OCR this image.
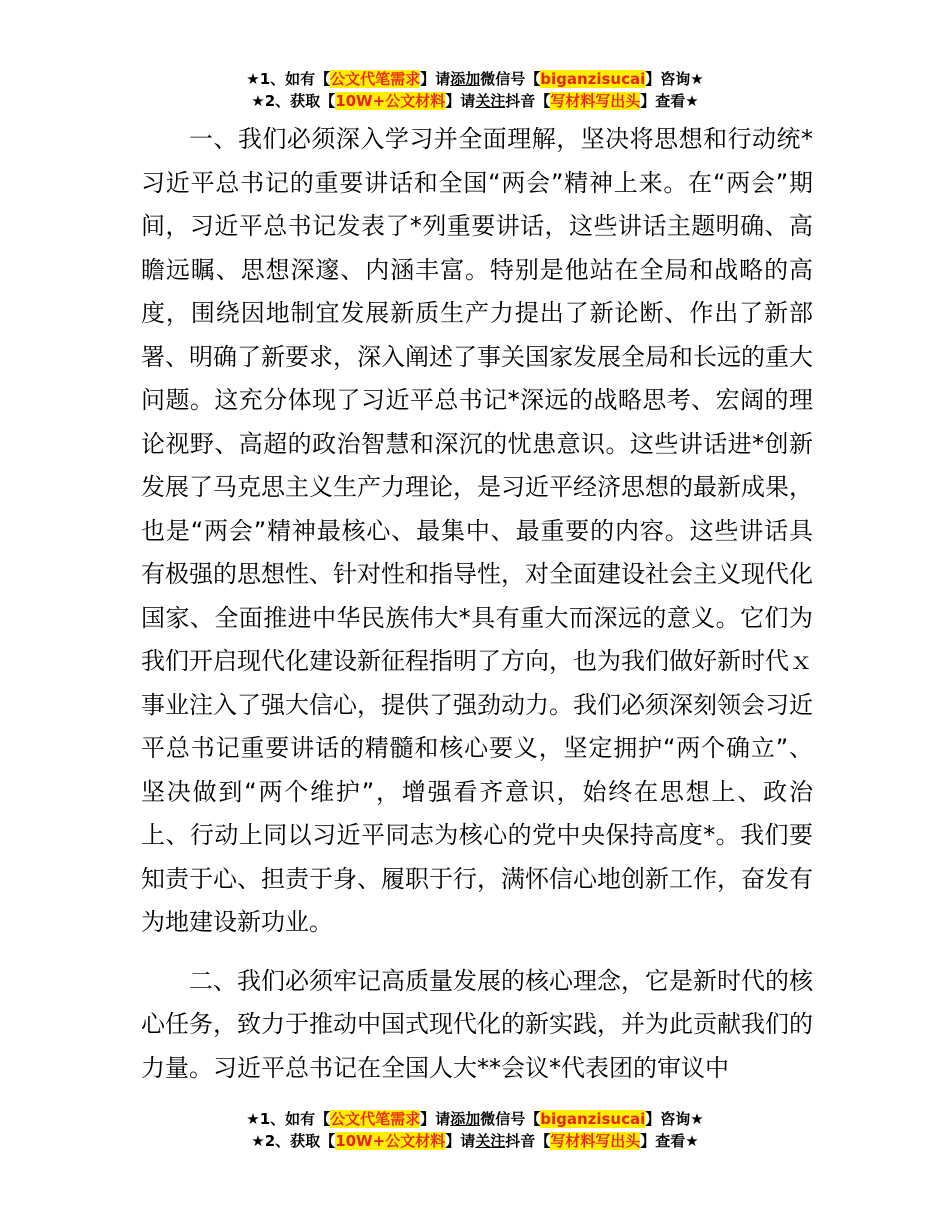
★1、如有【公文代笔需求】请添加微信号【biganzisucai】咨询★
★2、获取【10W+公文材料】请关注抖音【写材料写出头】查看★

一、我们必须深入学习并全面理解，坚决将思想和行动统*习近平总书记的重要讲话和全国“两会”精神上来。在“两会”期间，习近平总书记发表了*列重要讲话，这些讲话主题明确、高瞻远瞩、思想深邃、内涵丰富。特别是他站在全局和战略的高度，围绕因地制宜发展新质生产力提出了新论断、作出了新部署、明确了新要求，深入阐述了事关国家发展全局和长远的重大问题。这充分体现了习近平总书记*深远的战略思考、宏阔的理论视野、高超的政治智慧和深沉的忧患意识。这些讲话进*创新发展了马克思主义生产力理论，是习近平经济思想的最新成果，也是“两会”精神最核心、最集中、最重要的内容。这些讲话具有极强的思想性、针对性和指导性，对全面建设社会主义现代化国家、全面推进中华民族伟大*具有重大而深远的意义。它们为我们开启现代化建设新征程指明了方向，也为我们做好新时代ｘ事业注入了强大信心，提供了强劲动力。我们必须深刻领会习近平总书记重要讲话的精髓和核心要义，坚定拥护“两个确立”、坚决做到“两个维护”，增强看齐意识，始终在思想上、政治上、行动上同以习近平同志为核心的党中央保持高度*。我们要知责于心、担责于身、履职于行，满怀信心地创新工作，奋发有为地建设新功业。

二、我们必须牢记高质量发展的核心理念，它是新时代的核心任务，致力于推动中国式现代化的新实践，并为此贡献我们的力量。习近平总书记在全国人大**会议*代表团的审议中

★1、如有【公文代笔需求】请添加微信号【biganzisucai】咨询★
★2、获取【10W+公文材料】请关注抖音【写材料写出头】查看★
